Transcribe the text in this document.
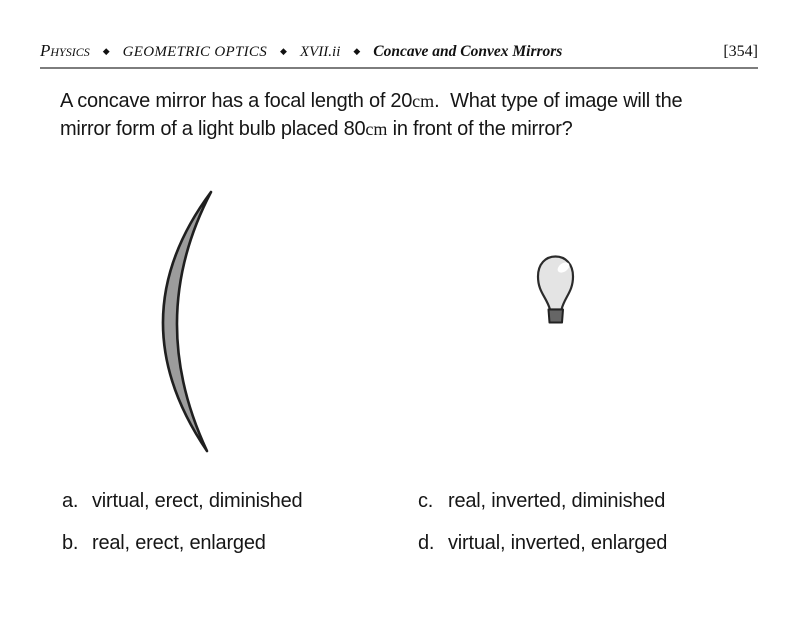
Physics ◆ GEOMETRIC OPTICS ◆ XVII.ii ◆ Concave and Convex Mirrors	[354]
A concave mirror has a focal length of 20cm.  What type of image will the
mirror form of a light bulb placed 80cm in front of the mirror?
a. virtual, erect, diminished
b. real, erect, enlarged
c. real, inverted, diminished
d. virtual, inverted, enlarged
